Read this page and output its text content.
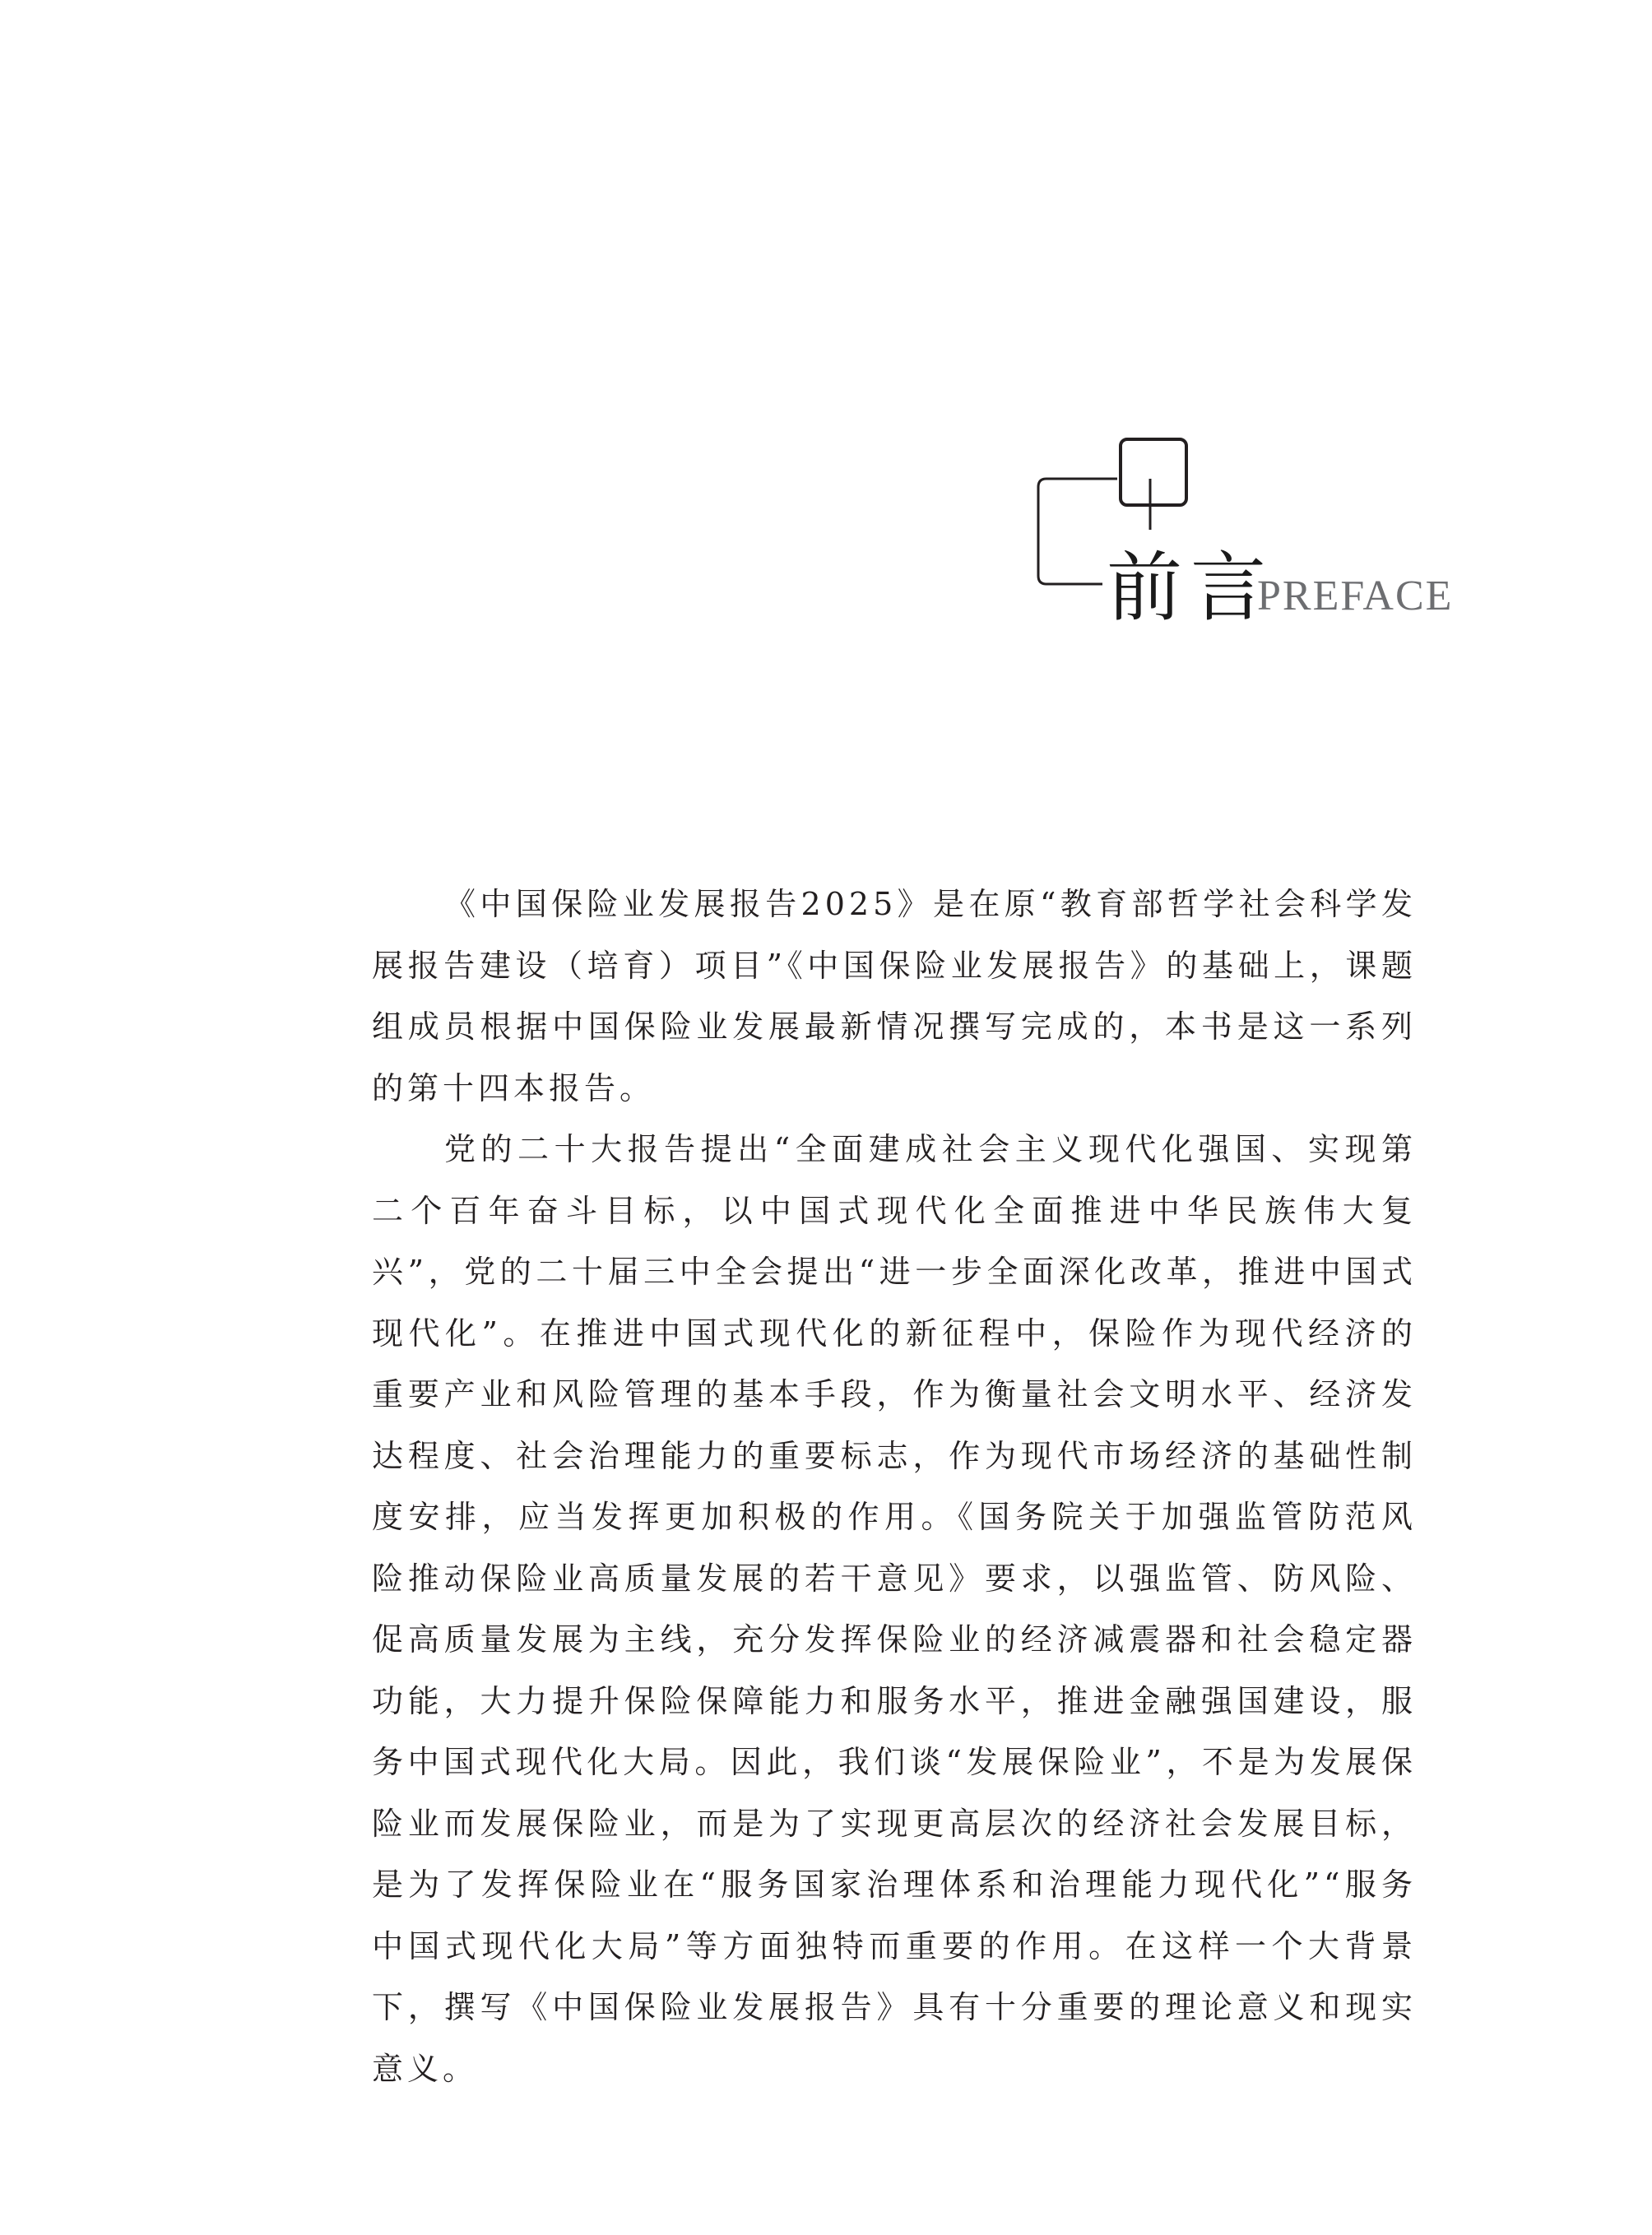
前言
PREFACE

《中国保险业发展报告2025》是在原“教育部哲学社会科学发展报告建设（培育）项目”《中国保险业发展报告》的基础上，课题组成员根据中国保险业发展最新情况撰写完成的，本书是这一系列的第十四本报告。

党的二十大报告提出“全面建成社会主义现代化强国、实现第二个百年奋斗目标，以中国式现代化全面推进中华民族伟大复兴”，党的二十届三中全会提出“进一步全面深化改革，推进中国式现代化”。在推进中国式现代化的新征程中，保险作为现代经济的重要产业和风险管理的基本手段，作为衡量社会文明水平、经济发达程度、社会治理能力的重要标志，作为现代市场经济的基础性制度安排，应当发挥更加积极的作用。《国务院关于加强监管防范风险推动保险业高质量发展的若干意见》要求，以强监管、防风险、促高质量发展为主线，充分发挥保险业的经济减震器和社会稳定器功能，大力提升保险保障能力和服务水平，推进金融强国建设，服务中国式现代化大局。因此，我们谈“发展保险业”，不是为发展保险业而发展保险业，而是为了实现更高层次的经济社会发展目标，是为了发挥保险业在“服务国家治理体系和治理能力现代化”“服务中国式现代化大局”等方面独特而重要的作用。在这样一个大背景下，撰写《中国保险业发展报告》具有十分重要的理论意义和现实意义。
